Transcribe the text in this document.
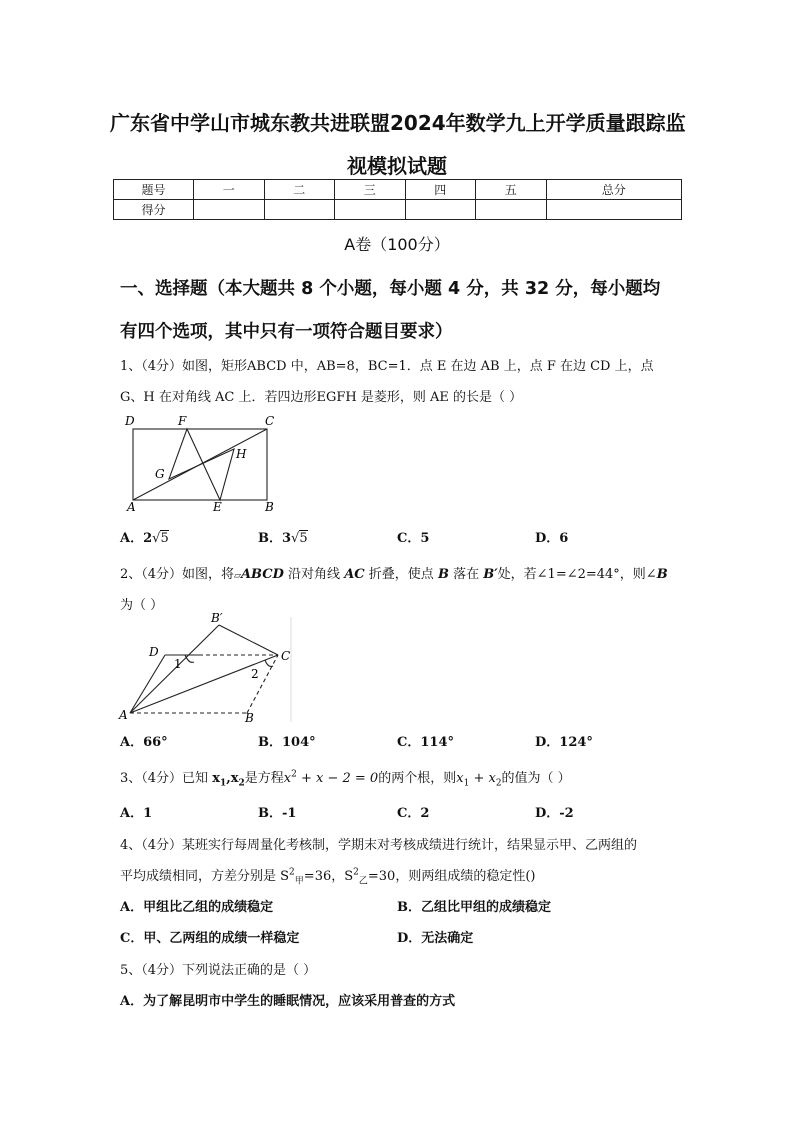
广东省中学山市城东教共进联盟2024年数学九上开学质量跟踪监
视模拟试题
题号	一	二	三	四	五	总分
得分						
A卷（100分）
一、选择题（本大题共 8 个小题，每小题 4 分，共 32 分，每小题均
有四个选项，其中只有一项符合题目要求）
1、（4分）如图，矩形ABCD 中，AB=8，BC=1．点 E 在边 AB 上，点 F 在边 CD 上，点
G、H 在对角线 AC 上．若四边形EGFH 是菱形，则 AE 的长是（ ）
D	F	C
G
H
A	E	B
A．2√5	B．3√5	C．5	D．6
2、（4分）如图，将▱ABCD 沿对角线 AC 折叠，使点 B 落在 B′处，若∠1=∠2=44°，则∠B
为（ ）
B′
D	C
1
2
A	B
A．66°	B．104°	C．114°	D．124°
3、（4分）已知 $x_1,x_2$是方程$x^2 + x - 2 = 0$的两个根，则$x_1 + x_2$的值为（ ）
A．1	B．-1	C．2	D．-2
4、（4分）某班实行每周量化考核制，学期末对考核成绩进行统计，结果显示甲、乙两组的
平均成绩相同，方差分别是 $S^2_甲=36$，$S^2_乙=30$，则两组成绩的稳定性()
A．甲组比乙组的成绩稳定	B．乙组比甲组的成绩稳定
C．甲、乙两组的成绩一样稳定	D．无法确定
5、（4分）下列说法正确的是（ ）
A．为了解昆明市中学生的睡眠情况，应该采用普查的方式
